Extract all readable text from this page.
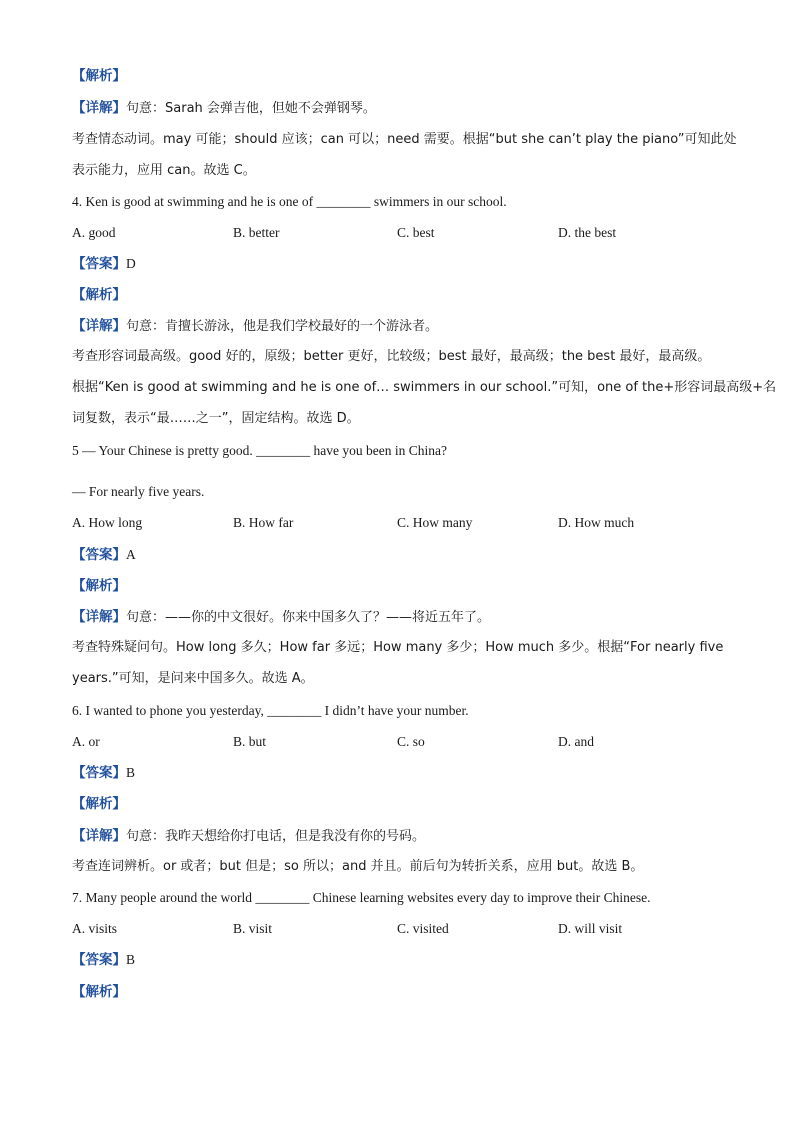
【解析】
【详解】句意：Sarah 会弹吉他，但她不会弹钢琴。
考查情态动词。may 可能；should 应该；can 可以；need 需要。根据“but she can’t play the piano”可知此处
表示能力，应用 can。故选 C。
4. Ken is good at swimming and he is one of ________ swimmers in our school.
A. good	B. better	C. best	D. the best
【答案】D
【解析】
【详解】句意：肯擅长游泳，他是我们学校最好的一个游泳者。
考查形容词最高级。good 好的，原级；better 更好，比较级；best 最好，最高级；the best 最好，最高级。
根据“Ken is good at swimming and he is one of… swimmers in our school.”可知，one of the+形容词最高级+名
词复数，表示“最……之一”，固定结构。故选 D。
5 — Your Chinese is pretty good. ________ have you been in China?
— For nearly five years.
A. How long	B. How far	C. How many	D. How much
【答案】A
【解析】
【详解】句意：——你的中文很好。你来中国多久了？——将近五年了。
考查特殊疑问句。How long 多久；How far 多远；How many 多少；How much 多少。根据“For nearly five
years.”可知，是问来中国多久。故选 A。
6. I wanted to phone you yesterday, ________ I didn’t have your number.
A. or	B. but	C. so	D. and
【答案】B
【解析】
【详解】句意：我昨天想给你打电话，但是我没有你的号码。
考查连词辨析。or 或者；but 但是；so 所以；and 并且。前后句为转折关系，应用 but。故选 B。
7. Many people around the world ________ Chinese learning websites every day to improve their Chinese.
A. visits	B. visit	C. visited	D. will visit
【答案】B
【解析】
